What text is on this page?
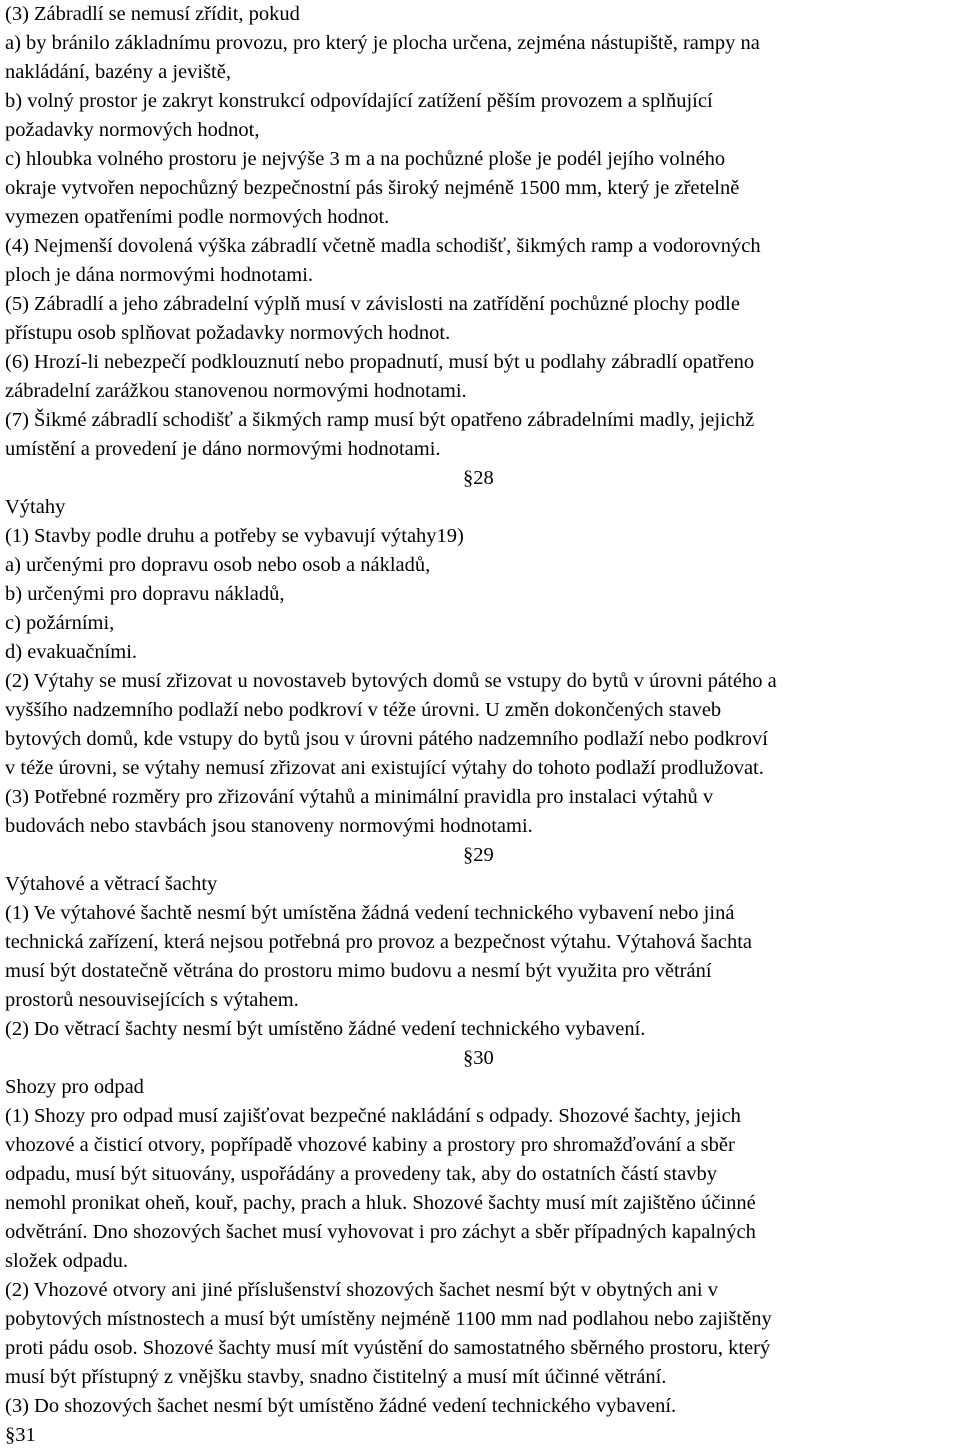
(3) Zábradlí se nemusí zřídit, pokud
a) by bránilo základnímu provozu, pro který je plocha určena, zejména nástupiště, rampy na
nakládání, bazény a jeviště,
b) volný prostor je zakryt konstrukcí odpovídající zatížení pěším provozem a splňující
požadavky normových hodnot,
c) hloubka volného prostoru je nejvýše 3 m a na pochůzné ploše je podél jejího volného
okraje vytvořen nepochůzný bezpečnostní pás široký nejméně 1500 mm, který je zřetelně
vymezen opatřeními podle normových hodnot.
(4) Nejmenší dovolená výška zábradlí včetně madla schodišť, šikmých ramp a vodorovných
ploch je dána normovými hodnotami.
(5) Zábradlí a jeho zábradelní výplň musí v závislosti na zatřídění pochůzné plochy podle
přístupu osob splňovat požadavky normových hodnot.
(6) Hrozí-li nebezpečí podklouznutí nebo propadnutí, musí být u podlahy zábradlí opatřeno
zábradelní zarážkou stanovenou normovými hodnotami.
(7) Šikmé zábradlí schodišť a šikmých ramp musí být opatřeno zábradelními madly, jejichž
umístění a provedení je dáno normovými hodnotami.
§28
Výtahy
(1) Stavby podle druhu a potřeby se vybavují výtahy19)
a) určenými pro dopravu osob nebo osob a nákladů,
b) určenými pro dopravu nákladů,
c) požárními,
d) evakuačními.
(2) Výtahy se musí zřizovat u novostaveb bytových domů se vstupy do bytů v úrovni pátého a
vyššího nadzemního podlaží nebo podkroví v téže úrovni. U změn dokončených staveb
bytových domů, kde vstupy do bytů jsou v úrovni pátého nadzemního podlaží nebo podkroví
v téže úrovni, se výtahy nemusí zřizovat ani existující výtahy do tohoto podlaží prodlužovat.
(3) Potřebné rozměry pro zřizování výtahů a minimální pravidla pro instalaci výtahů v
budovách nebo stavbách jsou stanoveny normovými hodnotami.
§29
Výtahové a větrací šachty
(1) Ve výtahové šachtě nesmí být umístěna žádná vedení technického vybavení nebo jiná
technická zařízení, která nejsou potřebná pro provoz a bezpečnost výtahu. Výtahová šachta
musí být dostatečně větrána do prostoru mimo budovu a nesmí být využita pro větrání
prostorů nesouvisejících s výtahem.
(2) Do větrací šachty nesmí být umístěno žádné vedení technického vybavení.
§30
Shozy pro odpad
(1) Shozy pro odpad musí zajišťovat bezpečné nakládání s odpady. Shozové šachty, jejich
vhozové a čisticí otvory, popřípadě vhozové kabiny a prostory pro shromažďování a sběr
odpadu, musí být situovány, uspořádány a provedeny tak, aby do ostatních částí stavby
nemohl pronikat oheň, kouř, pachy, prach a hluk. Shozové šachty musí mít zajištěno účinné
odvětrání. Dno shozových šachet musí vyhovovat i pro záchyt a sběr případných kapalných
složek odpadu.
(2) Vhozové otvory ani jiné příslušenství shozových šachet nesmí být v obytných ani v
pobytových místnostech a musí být umístěny nejméně 1100 mm nad podlahou nebo zajištěny
proti pádu osob. Shozové šachty musí mít vyústění do samostatného sběrného prostoru, který
musí být přístupný z vnějšku stavby, snadno čistitelný a musí mít účinné větrání.
(3) Do shozových šachet nesmí být umístěno žádné vedení technického vybavení.
§31
